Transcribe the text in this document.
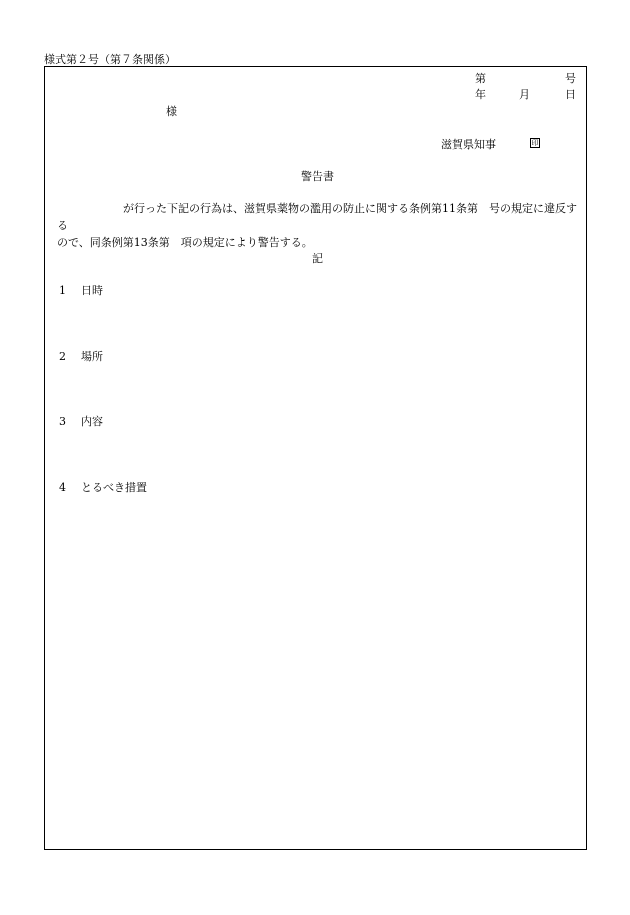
様式第２号（第７条関係）
第	号
年	月	日
様
滋賀県知事	印
警告書
が行った下記の行為は、滋賀県薬物の濫用の防止に関する条例第11条第　号の規定に違反する
ので、同条例第13条第　項の規定により警告する。
記
1 日時
2 場所
3 内容
4 とるべき措置
